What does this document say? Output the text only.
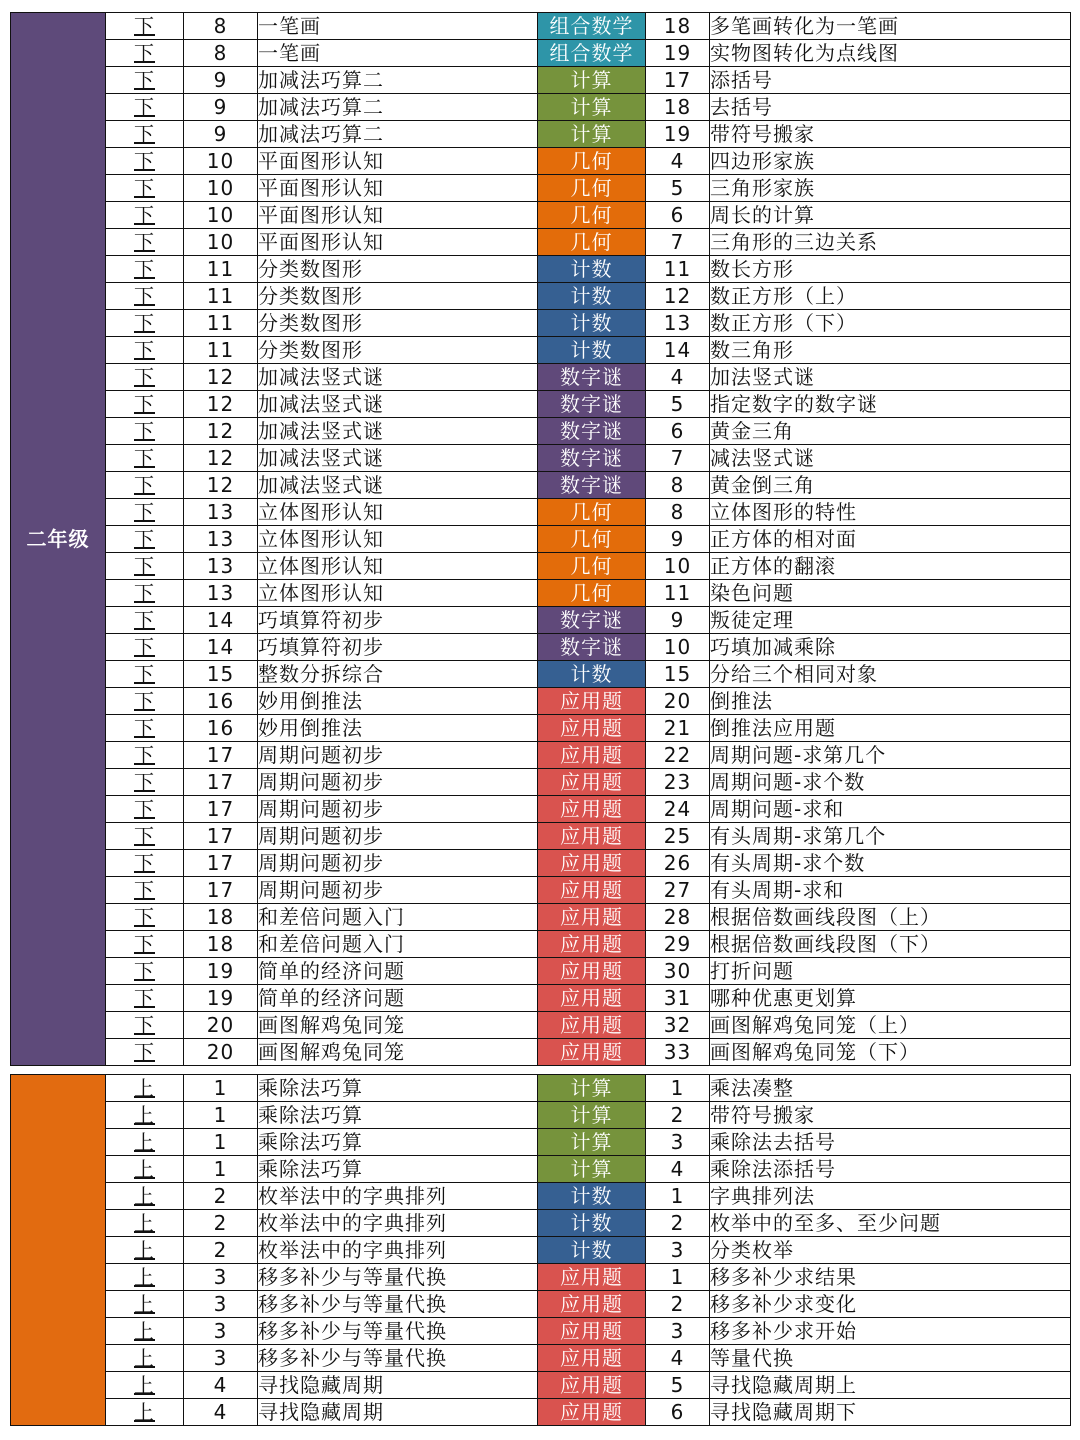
二年级	下	8	一笔画	组合数学	18	多笔画转化为一笔画
	下	8	一笔画	组合数学	19	实物图转化为点线图
	下	9	加减法巧算二	计算	17	添括号
	下	9	加减法巧算二	计算	18	去括号
	下	9	加减法巧算二	计算	19	带符号搬家
	下	10	平面图形认知	几何	4	四边形家族
	下	10	平面图形认知	几何	5	三角形家族
	下	10	平面图形认知	几何	6	周长的计算
	下	10	平面图形认知	几何	7	三角形的三边关系
	下	11	分类数图形	计数	11	数长方形
	下	11	分类数图形	计数	12	数正方形（上）
	下	11	分类数图形	计数	13	数正方形（下）
	下	11	分类数图形	计数	14	数三角形
	下	12	加减法竖式谜	数字谜	4	加法竖式谜
	下	12	加减法竖式谜	数字谜	5	指定数字的数字谜
	下	12	加减法竖式谜	数字谜	6	黄金三角
	下	12	加减法竖式谜	数字谜	7	减法竖式谜
	下	12	加减法竖式谜	数字谜	8	黄金倒三角
	下	13	立体图形认知	几何	8	立体图形的特性
	下	13	立体图形认知	几何	9	正方体的相对面
	下	13	立体图形认知	几何	10	正方体的翻滚
	下	13	立体图形认知	几何	11	染色问题
	下	14	巧填算符初步	数字谜	9	叛徒定理
	下	14	巧填算符初步	数字谜	10	巧填加减乘除
	下	15	整数分拆综合	计数	15	分给三个相同对象
	下	16	妙用倒推法	应用题	20	倒推法
	下	16	妙用倒推法	应用题	21	倒推法应用题
	下	17	周期问题初步	应用题	22	周期问题-求第几个
	下	17	周期问题初步	应用题	23	周期问题-求个数
	下	17	周期问题初步	应用题	24	周期问题-求和
	下	17	周期问题初步	应用题	25	有头周期-求第几个
	下	17	周期问题初步	应用题	26	有头周期-求个数
	下	17	周期问题初步	应用题	27	有头周期-求和
	下	18	和差倍问题入门	应用题	28	根据倍数画线段图（上）
	下	18	和差倍问题入门	应用题	29	根据倍数画线段图（下）
	下	19	简单的经济问题	应用题	30	打折问题
	下	19	简单的经济问题	应用题	31	哪种优惠更划算
	下	20	画图解鸡兔同笼	应用题	32	画图解鸡兔同笼（上）
	下	20	画图解鸡兔同笼	应用题	33	画图解鸡兔同笼（下）
	上	1	乘除法巧算	计算	1	乘法凑整
	上	1	乘除法巧算	计算	2	带符号搬家
	上	1	乘除法巧算	计算	3	乘除法去括号
	上	1	乘除法巧算	计算	4	乘除法添括号
	上	2	枚举法中的字典排列	计数	1	字典排列法
	上	2	枚举法中的字典排列	计数	2	枚举中的至多、至少问题
	上	2	枚举法中的字典排列	计数	3	分类枚举
	上	3	移多补少与等量代换	应用题	1	移多补少求结果
	上	3	移多补少与等量代换	应用题	2	移多补少求变化
	上	3	移多补少与等量代换	应用题	3	移多补少求开始
	上	3	移多补少与等量代换	应用题	4	等量代换
	上	4	寻找隐藏周期	应用题	5	寻找隐藏周期上
	上	4	寻找隐藏周期	应用题	6	寻找隐藏周期下
